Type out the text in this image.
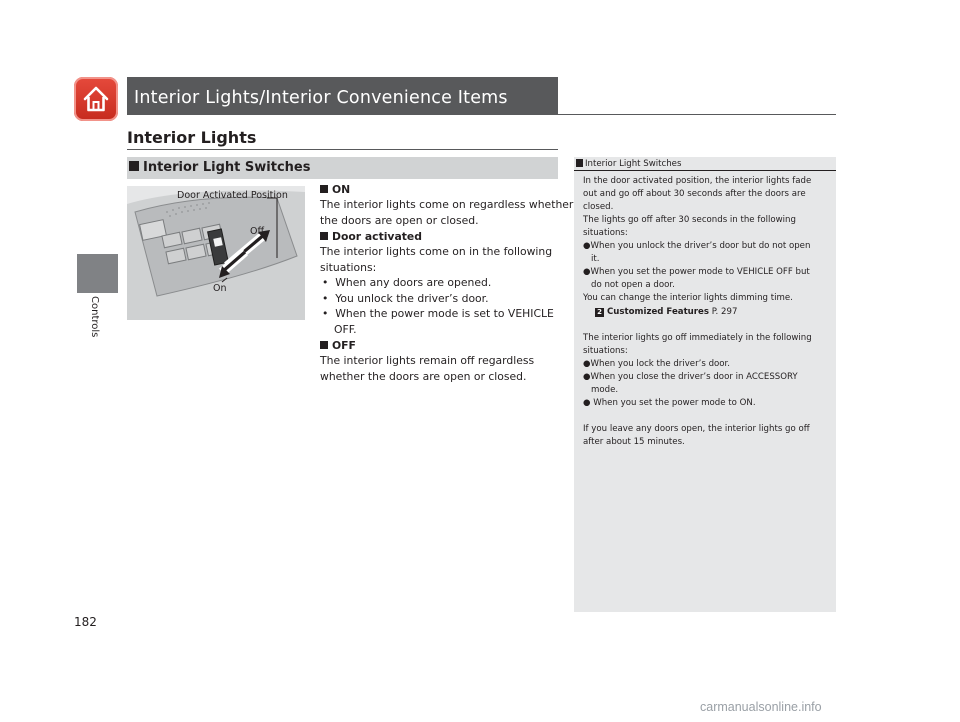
Interior Lights/Interior Convenience Items
Controls
182
Interior Lights
Interior Light Switches
Door Activated Position
Off
On
ON
The interior lights come on regardless whether
the doors are open or closed.
Door activated
The interior lights come on in the following
situations:
•  When any doors are opened.
•  You unlock the driver’s door.
•  When the power mode is set to VEHICLE
OFF.
OFF
The interior lights remain off regardless
whether the doors are open or closed.
Interior Light Switches
In the door activated position, the interior lights fade
out and go off about 30 seconds after the doors are
closed.
The lights go off after 30 seconds in the following
situations:
●When you unlock the driver’s door but do not open
it.
●When you set the power mode to VEHICLE OFF but
do not open a door.
You can change the interior lights dimming time.
2 Customized Features P. 297
The interior lights go off immediately in the following
situations:
●When you lock the driver’s door.
●When you close the driver’s door in ACCESSORY
mode.
● When you set the power mode to ON.
If you leave any doors open, the interior lights go off
after about 15 minutes.
carmanualsonline.info
